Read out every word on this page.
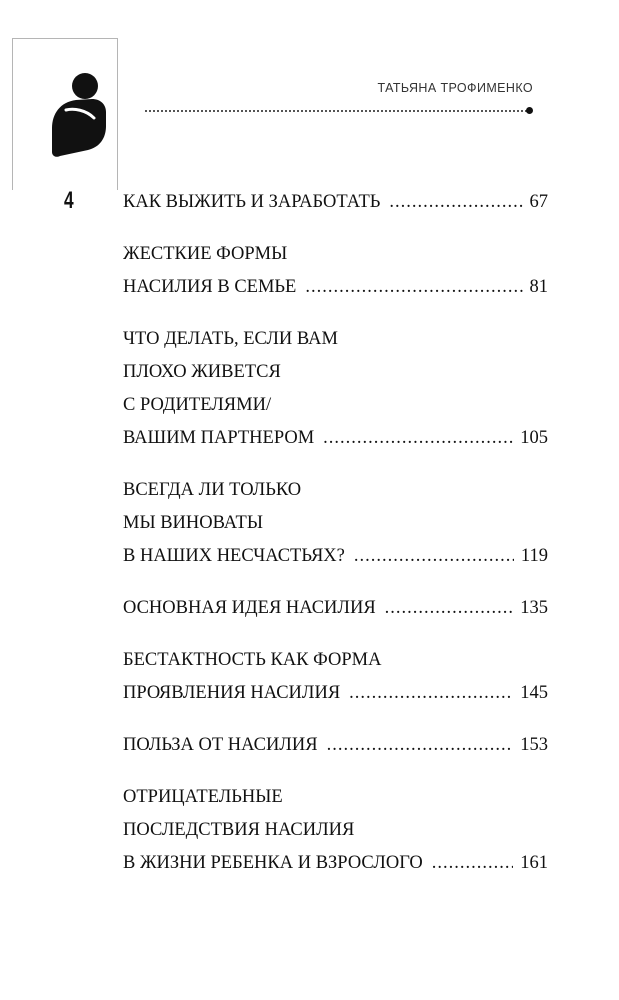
4
ТАТЬЯНА ТРОФИМЕНКО
КАК ВЫЖИТЬ И ЗАРАБОТАТЬ .....	67
ЖЕСТКИЕ ФОРМЫ
НАСИЛИЯ В СЕМЬЕ .....	81
ЧТО ДЕЛАТЬ, ЕСЛИ ВАМ
ПЛОХО ЖИВЕТСЯ
С РОДИТЕЛЯМИ/
ВАШИМ ПАРТНЕРОМ .....	105
ВСЕГДА ЛИ ТОЛЬКО
МЫ ВИНОВАТЫ
В НАШИХ НЕСЧАСТЬЯХ? .....	119
ОСНОВНАЯ ИДЕЯ НАСИЛИЯ .....	135
БЕСТАКТНОСТЬ КАК ФОРМА
ПРОЯВЛЕНИЯ НАСИЛИЯ .....	145
ПОЛЬЗА ОТ НАСИЛИЯ .....	153
ОТРИЦАТЕЛЬНЫЕ
ПОСЛЕДСТВИЯ НАСИЛИЯ
В ЖИЗНИ РЕБЕНКА И ВЗРОСЛОГО .....	161
